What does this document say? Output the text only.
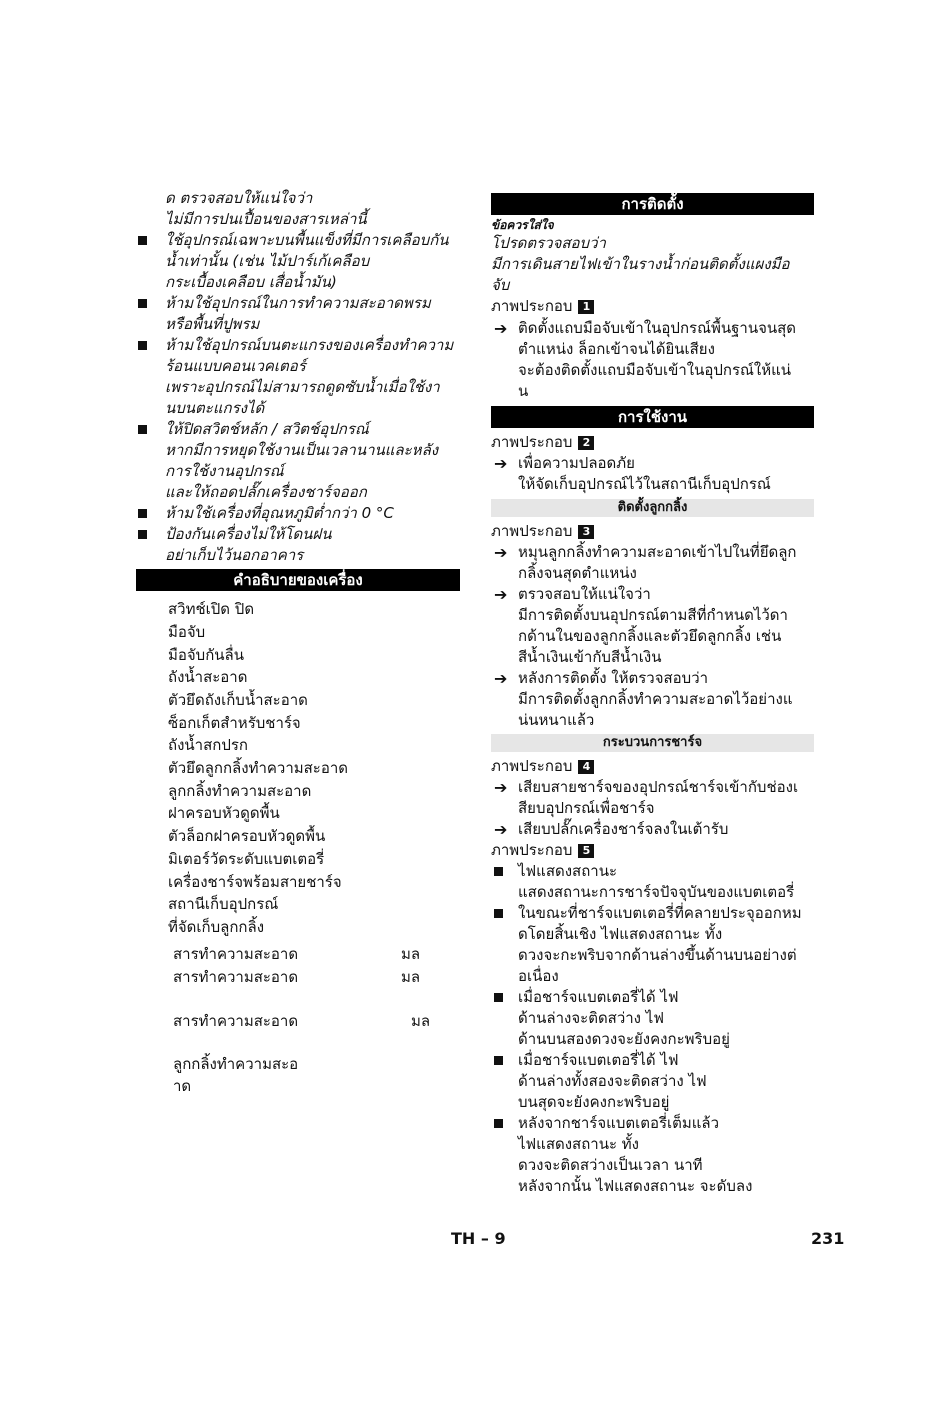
ด ตรวจสอบให้แน่ใจว่า
ไม่มีการปนเปื้อนของสารเหล่านี้
ใช้อุปกรณ์เฉพาะบนพื้นแข็งที่มีการเคลือบกัน
น้ำเท่านั้น (เช่น ไม้ปาร์เก้เคลือบ
กระเบื้องเคลือบ เสื่อน้ำมัน)
ห้ามใช้อุปกรณ์ในการทำความสะอาดพรม
หรือพื้นที่ปูพรม
ห้ามใช้อุปกรณ์บนตะแกรงของเครื่องทำความ
ร้อนแบบคอนเวคเตอร์
เพราะอุปกรณ์ไม่สามารถดูดซับน้ำเมื่อใช้งา
นบนตะแกรงได้
ให้ปิดสวิตช์หลัก / สวิตช์อุปกรณ์
หากมีการหยุดใช้งานเป็นเวลานานและหลัง
การใช้งานอุปกรณ์
และให้ถอดปลั๊กเครื่องชาร์จออก
ห้ามใช้เครื่องที่อุณหภูมิต่ำกว่า 0 °C
ป้องกันเครื่องไม่ให้โดนฝน
อย่าเก็บไว้นอกอาคาร
คำอธิบายของเครื่อง
สวิทช์เปิด ปิด
มือจับ
มือจับกันลื่น
ถังน้ำสะอาด
ตัวยึดถังเก็บน้ำสะอาด
ซ็อกเก็ตสำหรับชาร์จ
ถังน้ำสกปรก
ตัวยึดลูกกลิ้งทำความสะอาด
ลูกกลิ้งทำความสะอาด
ฝาครอบหัวดูดพื้น
ตัวล็อกฝาครอบหัวดูดพื้น
มิเตอร์วัดระดับแบตเตอรี่
เครื่องชาร์จพร้อมสายชาร์จ
สถานีเก็บอุปกรณ์
ที่จัดเก็บลูกกลิ้ง
สารทำความสะอาด	มล
สารทำความสะอาด	มล
สารทำความสะอาด	มล
ลูกกลิ้งทำความสะอ
าด
การติดตั้ง
ข้อควรใส่ใจ
โปรดตรวจสอบว่า
มีการเดินสายไฟเข้าในรางน้ำก่อนติดตั้งแผงมือ
จับ
ภาพประกอบ 1
➔ ติดตั้งแถบมือจับเข้าในอุปกรณ์พื้นฐานจนสุด
ตำแหน่ง ล็อกเข้าจนได้ยินเสียง
จะต้องติดตั้งแถบมือจับเข้าในอุปกรณ์ให้แน่
น
การใช้งาน
ภาพประกอบ 2
➔ เพื่อความปลอดภัย
ให้จัดเก็บอุปกรณ์ไว้ในสถานีเก็บอุปกรณ์
ติดตั้งลูกกลิ้ง
ภาพประกอบ 3
➔ หมุนลูกกลิ้งทำความสะอาดเข้าไปในที่ยึดลูก
กลิ้งจนสุดตำแหน่ง
➔ ตรวจสอบให้แน่ใจว่า
มีการติดตั้งบนอุปกรณ์ตามสีที่กำหนดไว้ดา
กด้านในของลูกกลิ้งและตัวยึดลูกกลิ้ง เช่น
สีน้ำเงินเข้ากับสีน้ำเงิน
➔ หลังการติดตั้ง ให้ตรวจสอบว่า
มีการติดตั้งลูกกลิ้งทำความสะอาดไว้อย่างแ
น่นหนาแล้ว
กระบวนการชาร์จ
ภาพประกอบ 4
➔ เสียบสายชาร์จของอุปกรณ์ชาร์จเข้ากับช่องเ
สียบอุปกรณ์เพื่อชาร์จ
➔ เสียบปลั๊กเครื่องชาร์จลงในเต้ารับ
ภาพประกอบ 5
ไฟแสดงสถานะ
แสดงสถานะการชาร์จปัจจุบันของแบตเตอรี่
ในขณะที่ชาร์จแบตเตอรี่ที่คลายประจุออกหม
ดโดยสิ้นเชิง ไฟแสดงสถานะ ทั้ง
ดวงจะกะพริบจากด้านล่างขึ้นด้านบนอย่างต่
อเนื่อง
เมื่อชาร์จแบตเตอรี่ได้ ไฟ
ด้านล่างจะติดสว่าง ไฟ
ด้านบนสองดวงจะยังคงกะพริบอยู่
เมื่อชาร์จแบตเตอรี่ได้ ไฟ
ด้านล่างทั้งสองจะติดสว่าง ไฟ
บนสุดจะยังคงกะพริบอยู่
หลังจากชาร์จแบตเตอรี่เต็มแล้ว
ไฟแสดงสถานะ ทั้ง
ดวงจะติดสว่างเป็นเวลา นาที
หลังจากนั้น ไฟแสดงสถานะ จะดับลง
TH – 9	231
